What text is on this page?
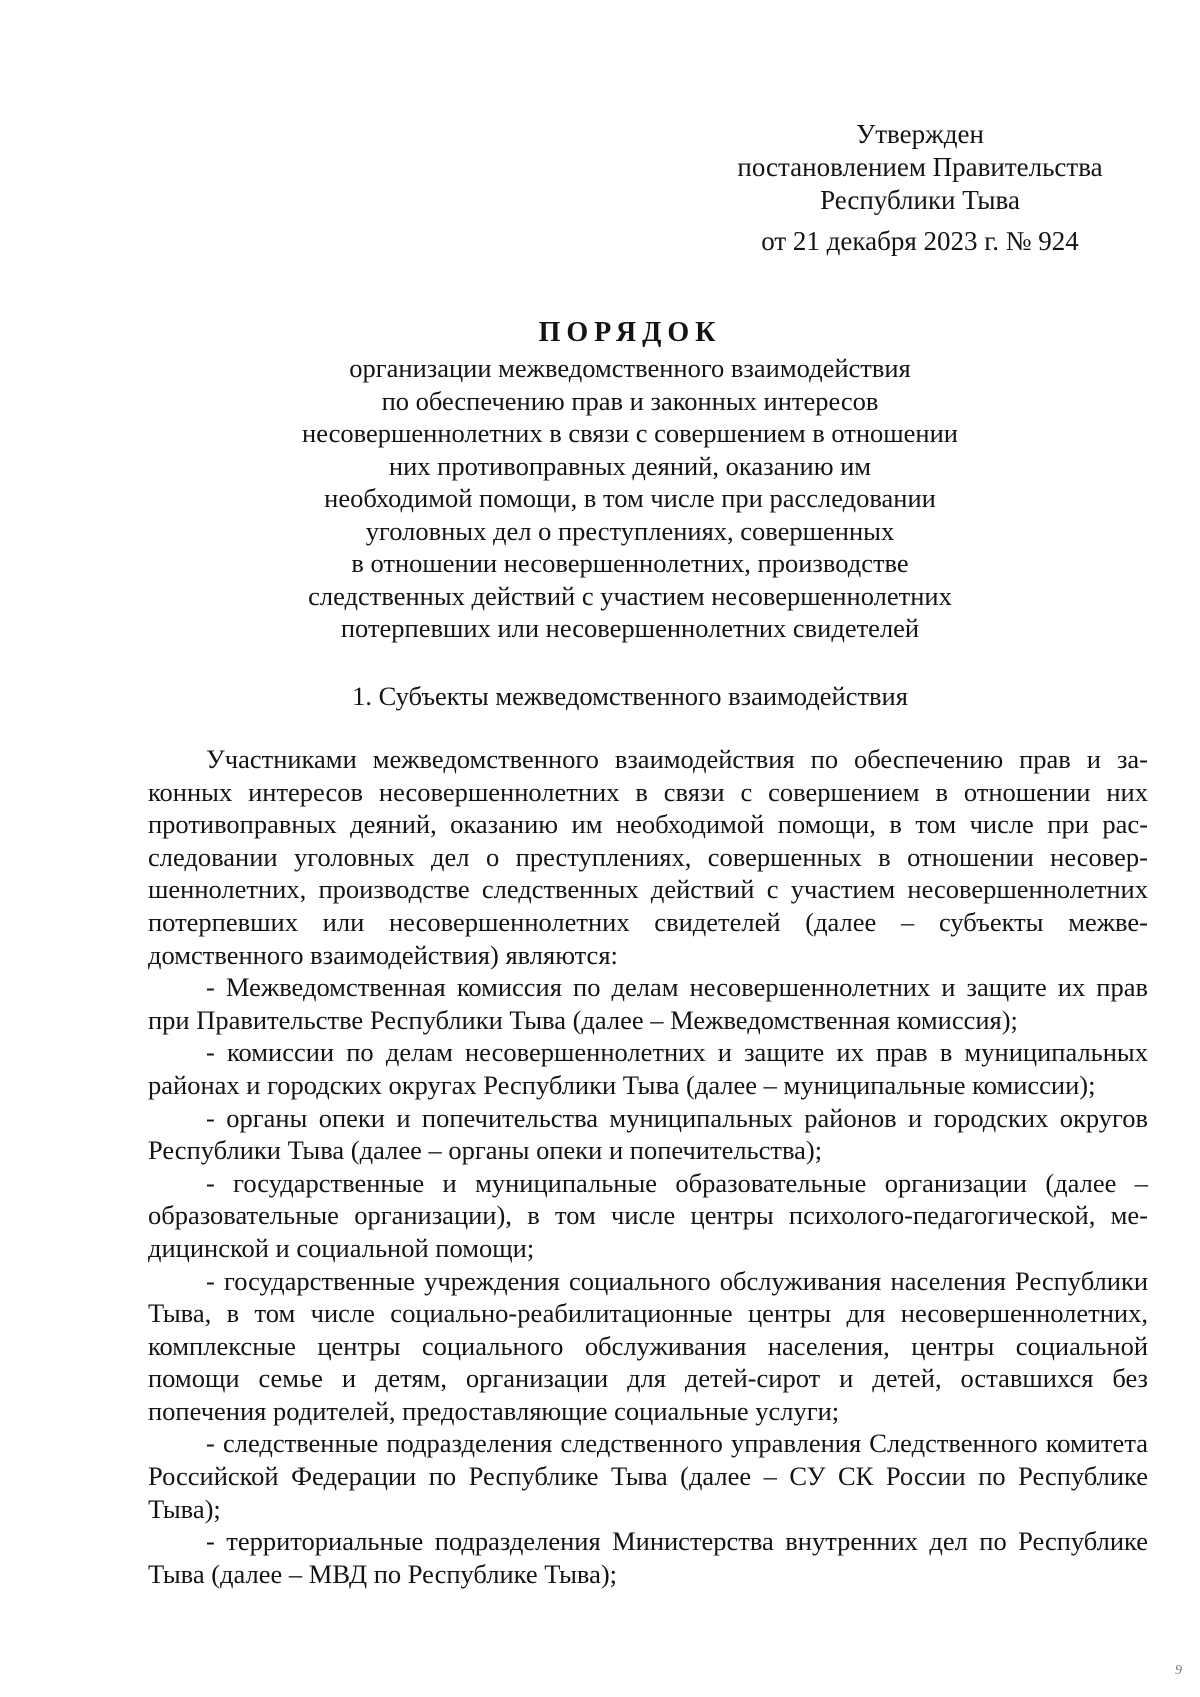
Утвержден
постановлением Правительства
Республики Тыва
от 21 декабря 2023 г. № 924
ПОРЯДОК
организации межведомственного взаимодействия
по обеспечению прав и законных интересов
несовершеннолетних в связи с совершением в отношении
них противоправных деяний, оказанию им
необходимой помощи, в том числе при расследовании
уголовных дел о преступлениях, совершенных
в отношении несовершеннолетних, производстве
следственных действий с участием несовершеннолетних
потерпевших или несовершеннолетних свидетелей
1. Субъекты межведомственного взаимодействия

Участниками межведомственного взаимодействия по обеспечению прав и законных интересов несовершеннолетних в связи с совершением в отношении них противоправных деяний, оказанию им необходимой помощи, в том числе при расследовании уголовных дел о преступлениях, совершенных в отношении несовершеннолетних, производстве следственных действий с участием несовершеннолетних потерпевших или несовершеннолетних свидетелей (далее – субъекты межведомственного взаимодействия) являются:

- Межведомственная комиссия по делам несовершеннолетних и защите их прав при Правительстве Республики Тыва (далее – Межведомственная комиссия);

- комиссии по делам несовершеннолетних и защите их прав в муниципальных районах и городских округах Республики Тыва (далее – муниципальные комиссии);

- органы опеки и попечительства муниципальных районов и городских округов Республики Тыва (далее – органы опеки и попечительства);

- государственные и муниципальные образовательные организации (далее – образовательные организации), в том числе центры психолого-педагогической, медицинской и социальной помощи;

- государственные учреждения социального обслуживания населения Республики Тыва, в том числе социально-реабилитационные центры для несовершеннолетних, комплексные центры социального обслуживания населения, центры социальной помощи семье и детям, организации для детей-сирот и детей, оставшихся без попечения родителей, предоставляющие социальные услуги;

- следственные подразделения следственного управления Следственного комитета Российской Федерации по Республике Тыва (далее – СУ СК России по Республике Тыва);

- территориальные подразделения Министерства внутренних дел по Республике Тыва (далее – МВД по Республике Тыва);

9
